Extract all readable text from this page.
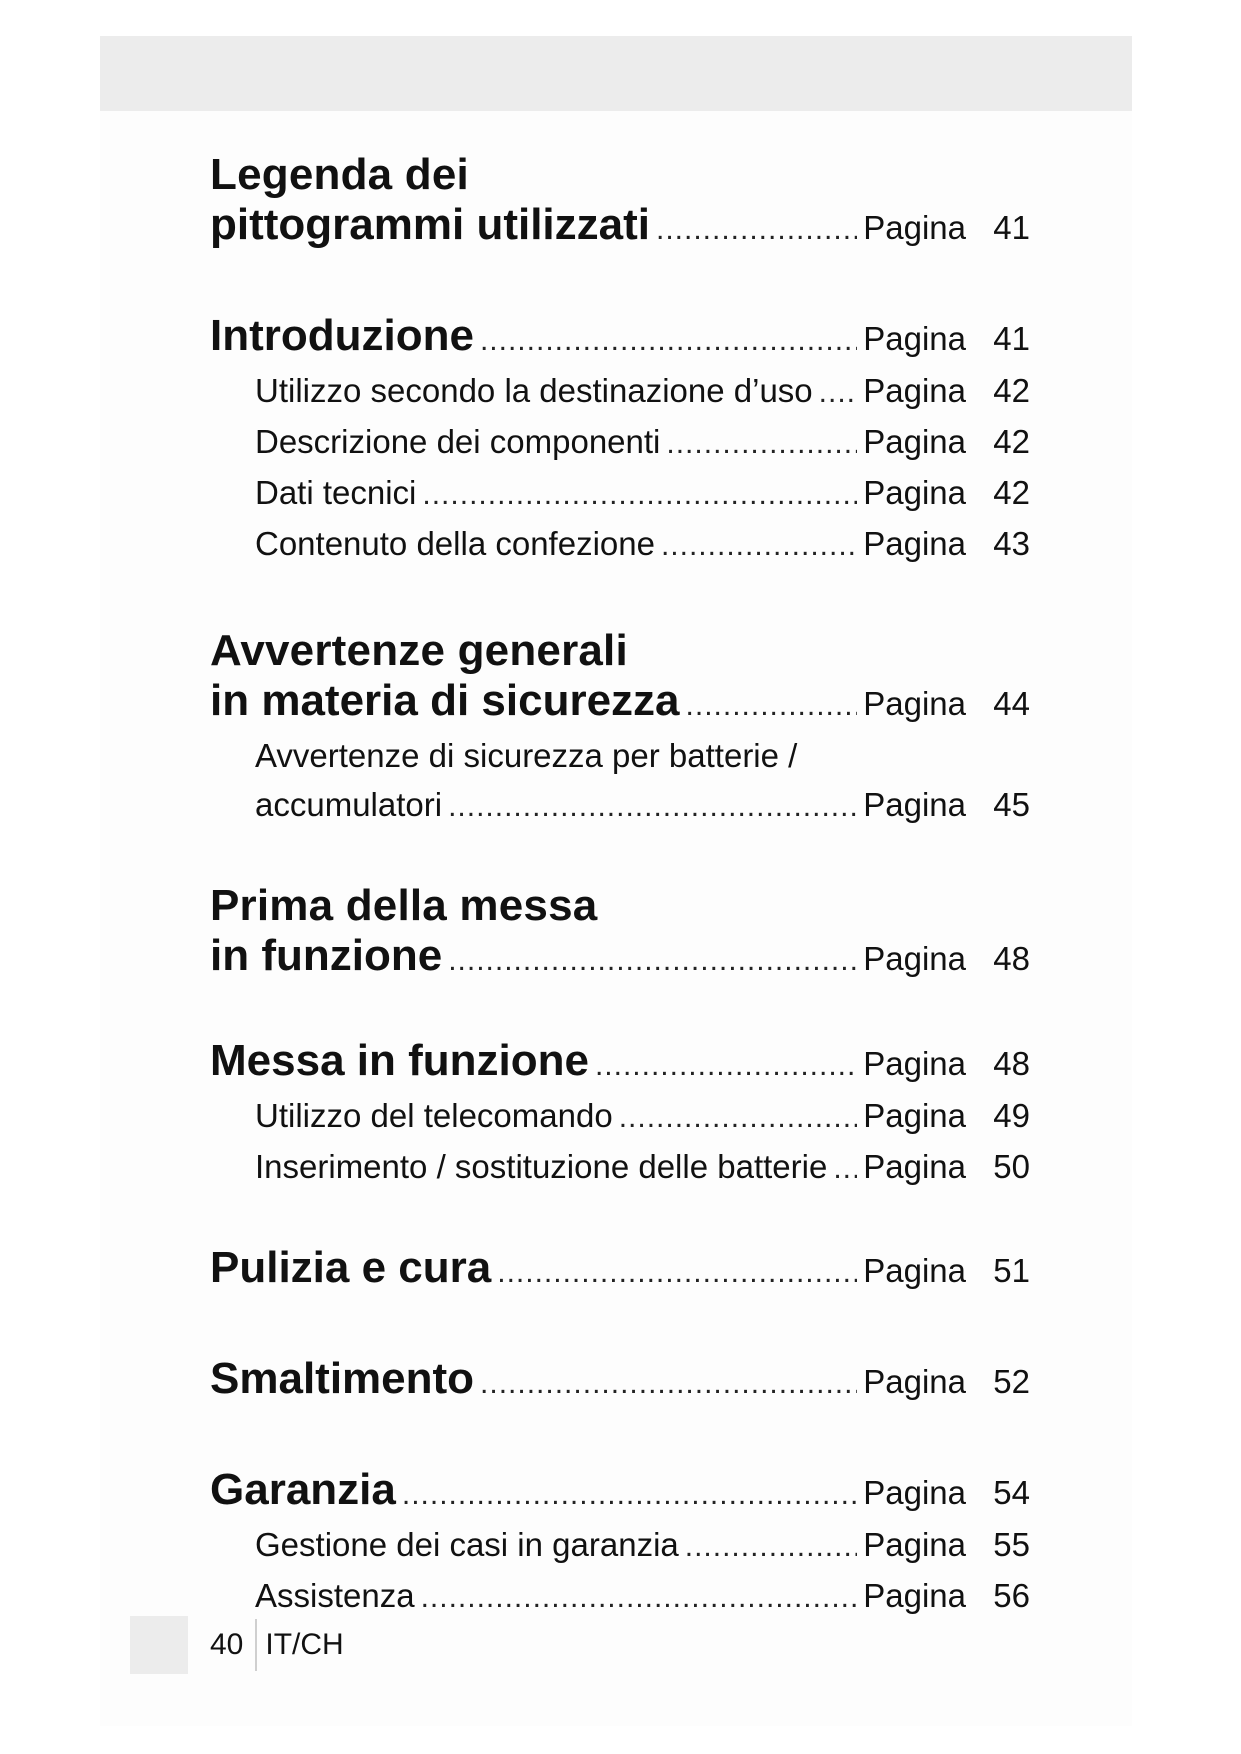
Legenda dei
pittogrammi utilizzati .....	Pagina 41
Introduzione .....	Pagina 41
Utilizzo secondo la destinazione d’uso ..... Pagina 42
Descrizione dei componenti .....	Pagina 42
Dati tecnici .....	Pagina 42
Contenuto della confezione .....	Pagina 43
Avvertenze generali
in materia di sicurezza .....	Pagina 44
Avvertenze di sicurezza per batterie /
accumulatori .....	Pagina 45
Prima della messa
in funzione .....	Pagina 48
Messa in funzione .....	Pagina 48
Utilizzo del telecomando .....	Pagina 49
Inserimento / sostituzione delle batterie ..... Pagina 50
Pulizia e cura .....	Pagina 51
Smaltimento .....	Pagina 52
Garanzia .....	Pagina 54
Gestione dei casi in garanzia .....	Pagina 55
Assistenza .....	Pagina 56
40 IT/CH
